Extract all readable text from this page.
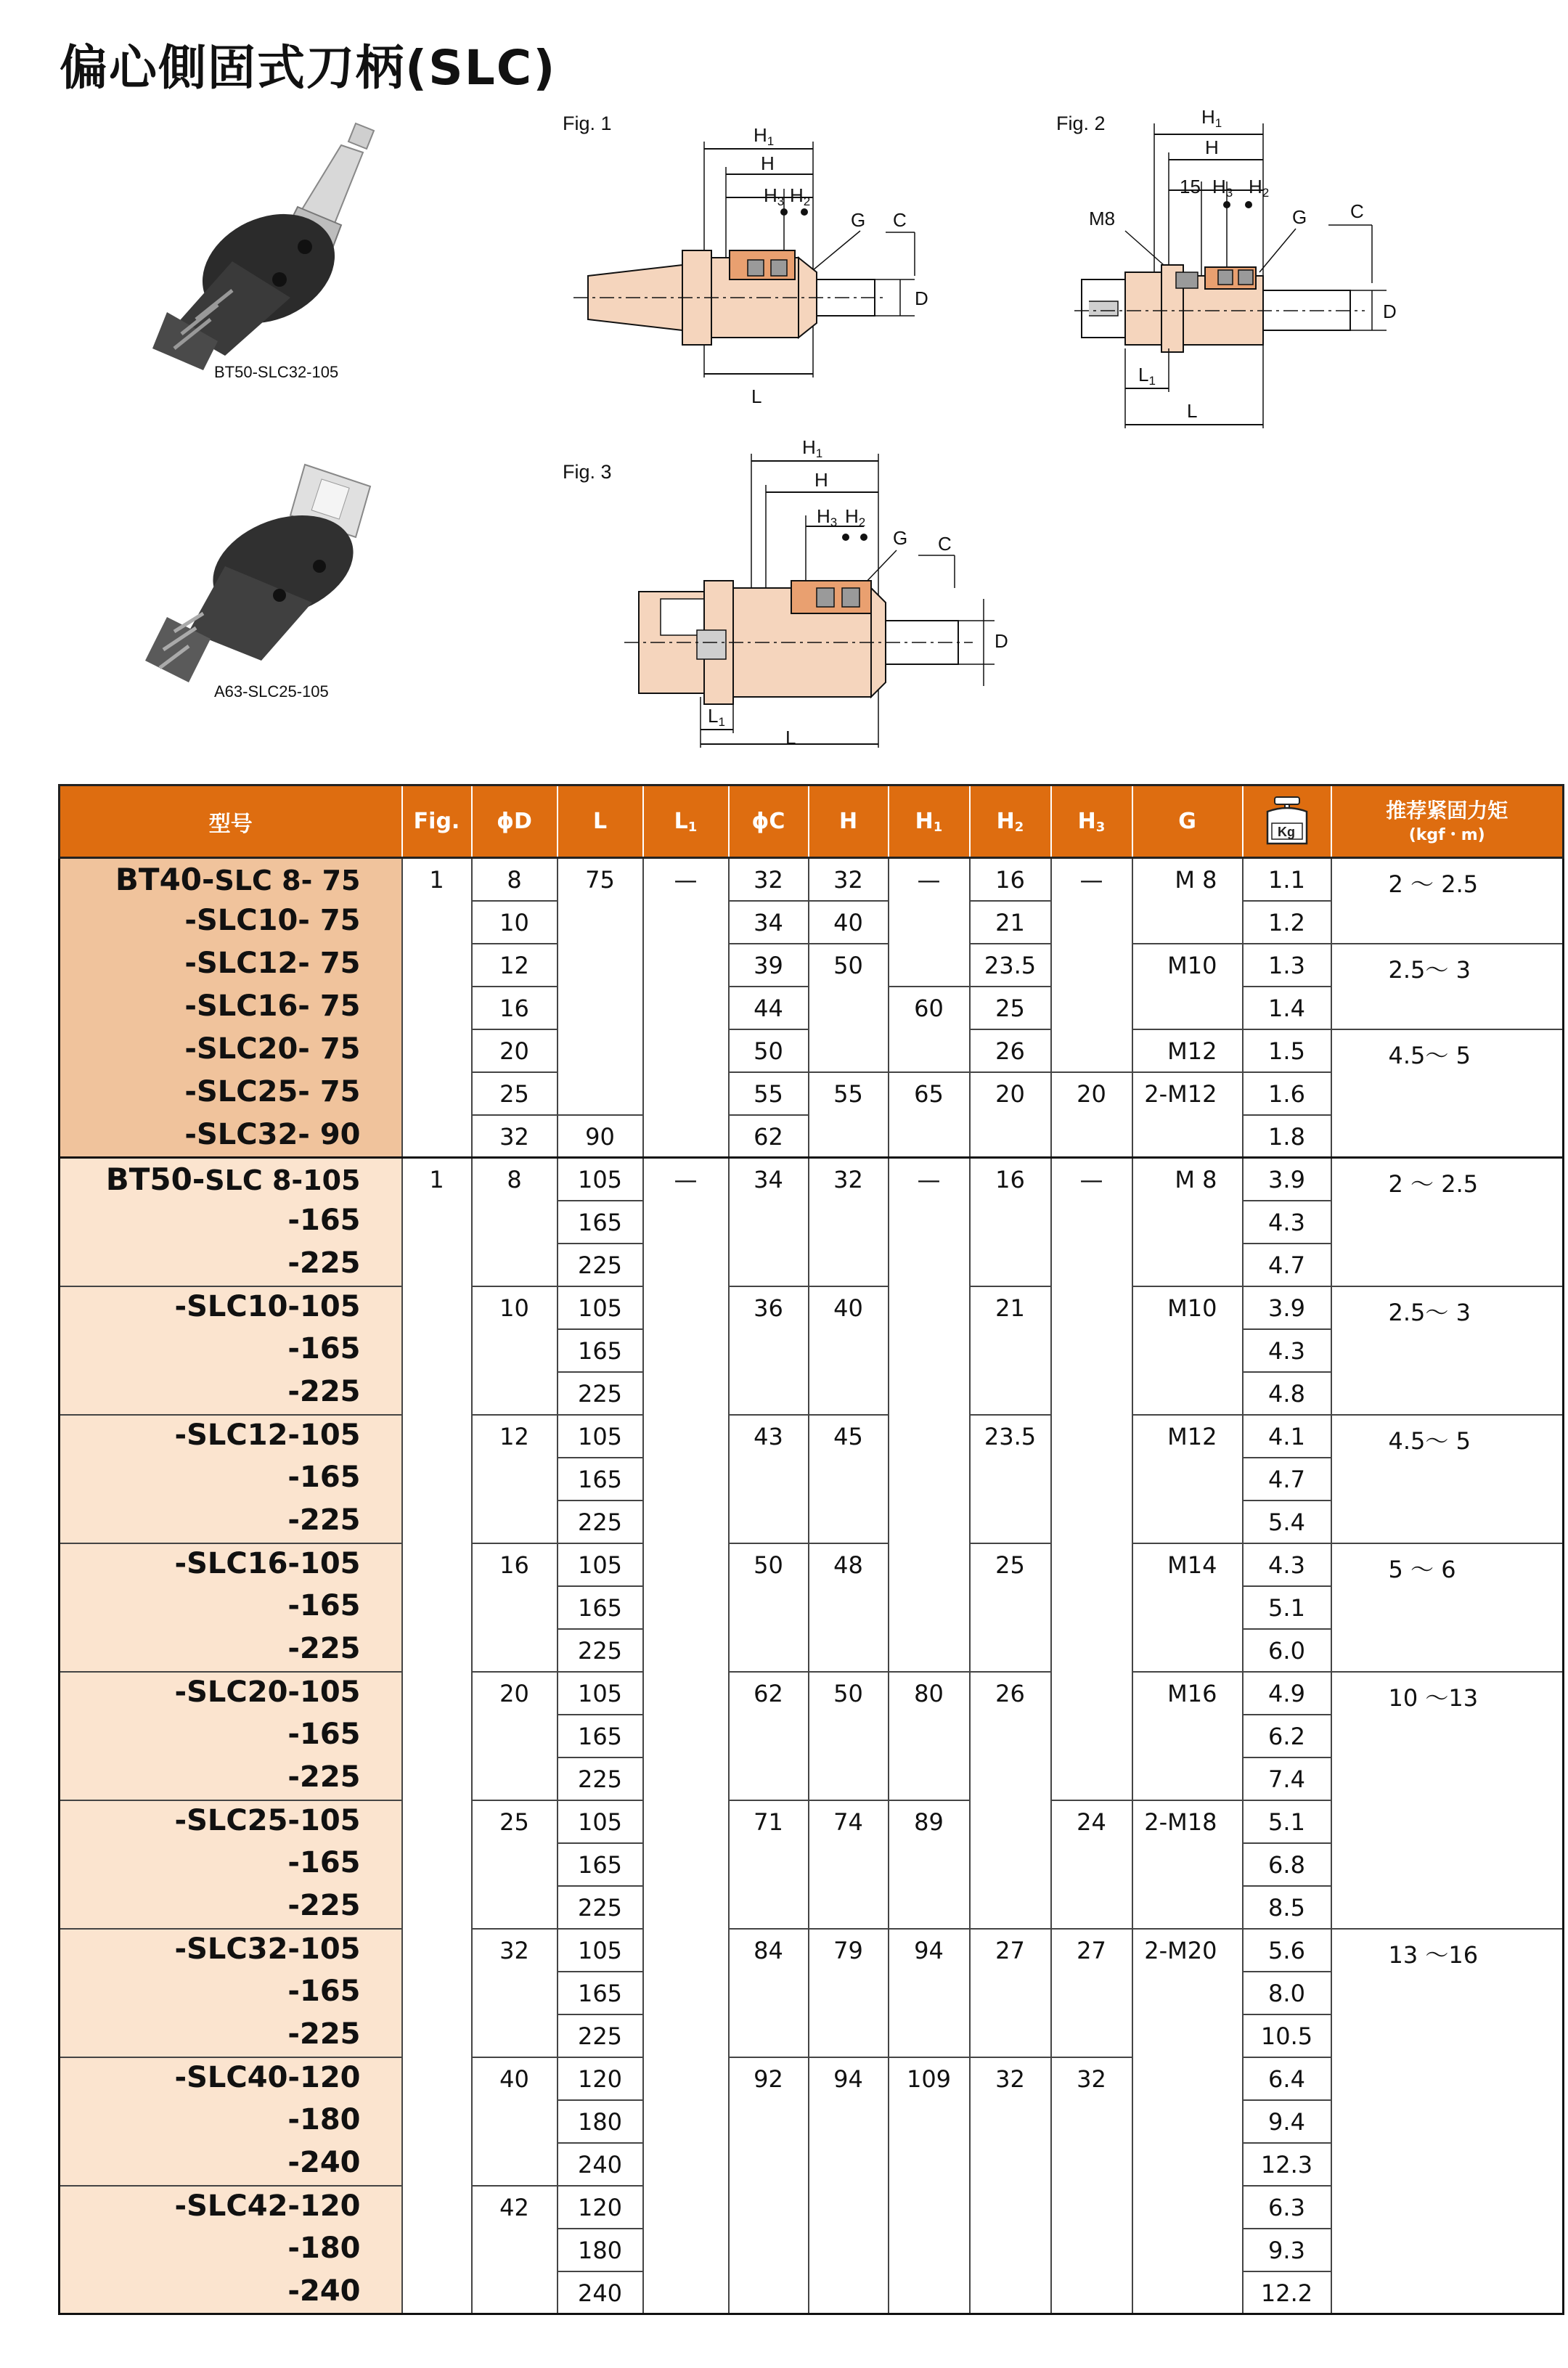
偏心側固式刀柄(SLC)
BT50-SLC32-105
A63-SLC25-105
Fig. 1
H1
H
H3 H2
G C
D
L
Fig. 2	H1
H
15 H3 H2
M8	G C
D
L1
L
Fig. 3
H1
H
H3 H2
G C
D
L1
L
型号	Fig.	ϕD	L	$L_1$	ϕC	H	$H_1$	$H_2$	$H_3$	G	Kg	推荐紧固力矩
(kgf・m)

BT40-SLC 8- 75	1	8	75	—	32	32	—	16	—	M 8	1.1	2 ～ 2.5
-SLC10- 75		10			34	40		21			1.2	
-SLC12- 75		12			39	50		23.5		M10	1.3	2.5～ 3
-SLC16- 75		16			44		60	25			1.4	
-SLC20- 75		20			50			26		M12	1.5	4.5～ 5
-SLC25- 75		25			55	55	65	20	20	2-M12	1.6	
-SLC32- 90		32	90		62						1.8	
BT50-SLC 8-105	1	8	105	—	34	32	—	16	—	M 8	3.9	2 ～ 2.5
-165			165								4.3	
-225			225								4.7	
-SLC10-105		10	105		36	40		21		M10	3.9	2.5～ 3
-165			165								4.3	
-225			225								4.8	
-SLC12-105		12	105		43	45		23.5		M12	4.1	4.5～ 5
-165			165								4.7	
-225			225								5.4	
-SLC16-105		16	105		50	48		25		M14	4.3	5 ～ 6
-165			165								5.1	
-225			225								6.0	
-SLC20-105		20	105		62	50	80	26		M16	4.9	10 ～13
-165			165								6.2	
-225			225								7.4	
-SLC25-105		25	105		71	74	89		24	2-M18	5.1	
-165			165								6.8	
-225			225								8.5	
-SLC32-105		32	105		84	79	94	27	27	2-M20	5.6	13 ～16
-165			165								8.0	
-225			225								10.5	
-SLC40-120		40	120		92	94	109	32	32		6.4	
-180			180								9.4	
-240			240								12.3	
-SLC42-120		42	120								6.3	
-180			180								9.3	
-240			240								12.2	
